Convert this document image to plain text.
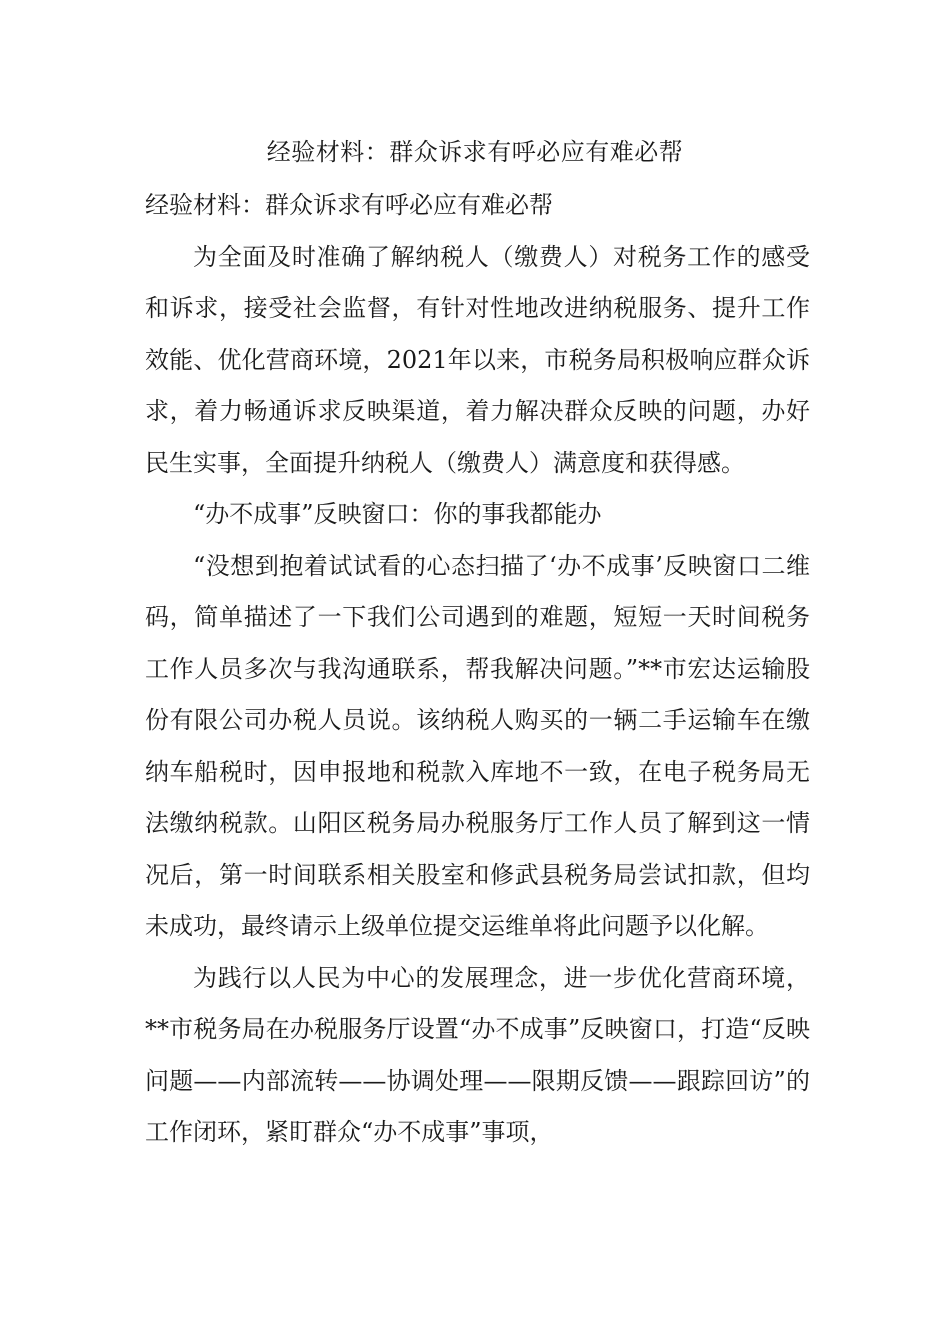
经验材料：群众诉求有呼必应有难必帮

经验材料：群众诉求有呼必应有难必帮

为全面及时准确了解纳税人（缴费人）对税务工作的感受和诉求，接受社会监督，有针对性地改进纳税服务、提升工作效能、优化营商环境，2021年以来，市税务局积极响应群众诉求，着力畅通诉求反映渠道，着力解决群众反映的问题，办好民生实事，全面提升纳税人（缴费人）满意度和获得感。

“办不成事”反映窗口：你的事我都能办

“没想到抱着试试看的心态扫描了‘办不成事’反映窗口二维码，简单描述了一下我们公司遇到的难题，短短一天时间税务工作人员多次与我沟通联系，帮我解决问题。”**市宏达运输股份有限公司办税人员说。该纳税人购买的一辆二手运输车在缴纳车船税时，因申报地和税款入库地不一致，在电子税务局无法缴纳税款。山阳区税务局办税服务厅工作人员了解到这一情况后，第一时间联系相关股室和修武县税务局尝试扣款，但均未成功，最终请示上级单位提交运维单将此问题予以化解。

为践行以人民为中心的发展理念，进一步优化营商环境，**市税务局在办税服务厅设置“办不成事”反映窗口，打造“反映问题——内部流转——协调处理——限期反馈——跟踪回访”的工作闭环，紧盯群众“办不成事”事项，
